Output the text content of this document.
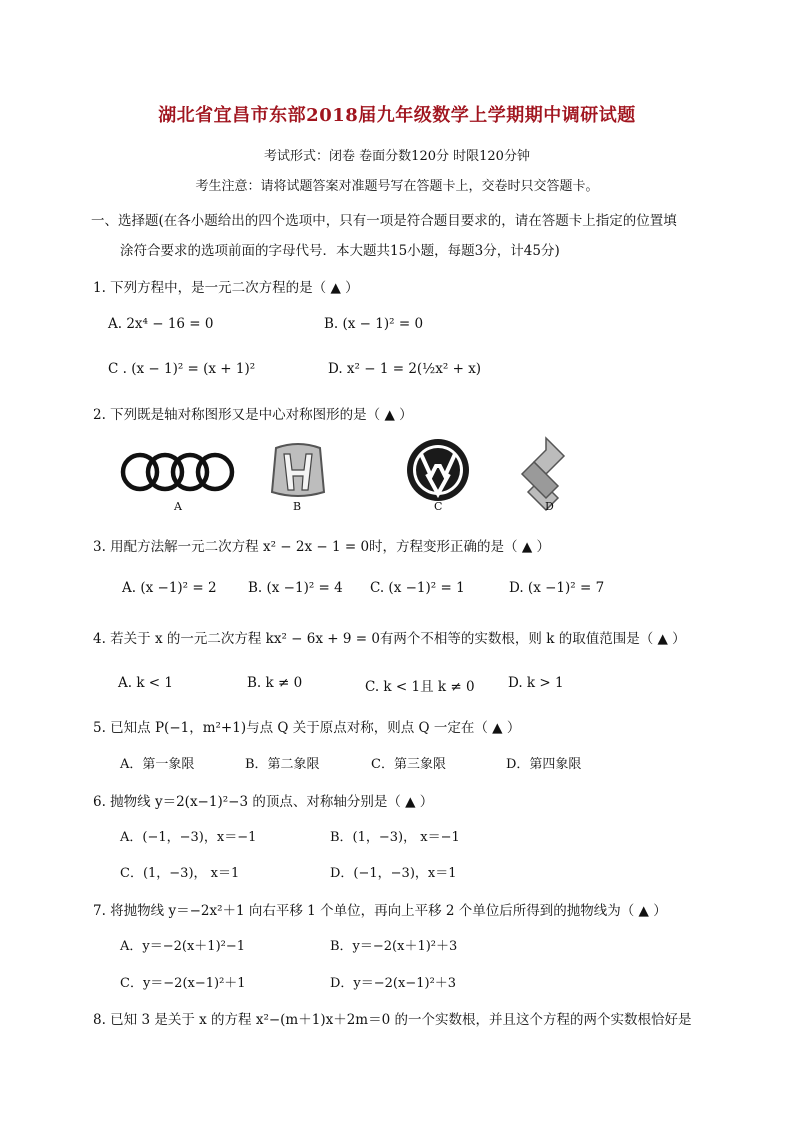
湖北省宜昌市东部2018届九年级数学上学期期中调研试题
考试形式：闭卷 卷面分数120分 时限120分钟
考生注意：请将试题答案对准题号写在答题卡上，交卷时只交答题卡。
一、选择题(在各小题给出的四个选项中，只有一项是符合题目要求的，请在答题卡上指定的位置填
涂符合要求的选项前面的字母代号．本大题共15小题，每题3分，计45分)
1. 下列方程中，是一元二次方程的是（ ▲ ）
A. 2x⁴ − 16 = 0	B. (x − 1)² = 0
C . (x − 1)² = (x + 1)²	D. x² − 1 = 2(½x² + x)
2. 下列既是轴对称图形又是中心对称图形的是（ ▲ ）
A	B	C	D
3. 用配方法解一元二次方程 x² − 2x − 1 = 0时，方程变形正确的是（ ▲ ）
A. (x −1)² = 2 B. (x −1)² = 4 C. (x −1)² = 1	D. (x −1)² = 7
4. 若关于 x 的一元二次方程 kx² − 6x + 9 = 0有两个不相等的实数根，则 k 的取值范围是（ ▲ ）
A. k < 1	B. k ≠ 0	C. k < 1且 k ≠ 0 D. k > 1
5. 已知点 P(−1，m²+1)与点 Q 关于原点对称，则点 Q 一定在（ ▲ ）
A．第一象限	B．第二象限	C．第三象限	D．第四象限
6. 抛物线 y＝2(x−1)²−3 的顶点、对称轴分别是（ ▲ ）
A．(−1，−3)，x＝−1	B．(1，−3)， x＝−1
C．(1，−3)， x＝1	D．(−1，−3)，x＝1
7. 将抛物线 y＝−2x²＋1 向右平移 1 个单位，再向上平移 2 个单位后所得到的抛物线为（ ▲ ）
A．y＝−2(x＋1)²−1	B．y＝−2(x＋1)²＋3
C．y＝−2(x−1)²＋1	D．y＝−2(x−1)²＋3
8. 已知 3 是关于 x 的方程 x²−(m＋1)x＋2m＝0 的一个实数根，并且这个方程的两个实数根恰好是
